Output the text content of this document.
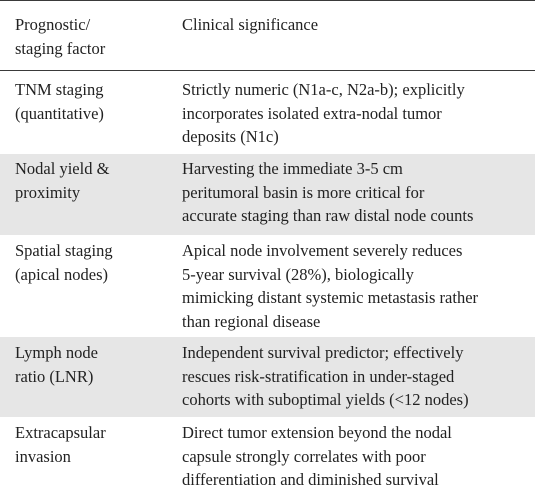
Prognostic/
staging factor
Clinical significance
TNM staging
(quantitative)
Strictly numeric (N1a-c, N2a-b); explicitly
incorporates isolated extra-nodal tumor
deposits (N1c)
Nodal yield &
proximity
Harvesting the immediate 3-5 cm
peritumoral basin is more critical for
accurate staging than raw distal node counts
Spatial staging
(apical nodes)
Apical node involvement severely reduces
5-year survival (28%), biologically
mimicking distant systemic metastasis rather
than regional disease
Lymph node
ratio (LNR)
Independent survival predictor; effectively
rescues risk-stratification in under-staged
cohorts with suboptimal yields (<12 nodes)
Extracapsular
invasion
Direct tumor extension beyond the nodal
capsule strongly correlates with poor
differentiation and diminished survival
